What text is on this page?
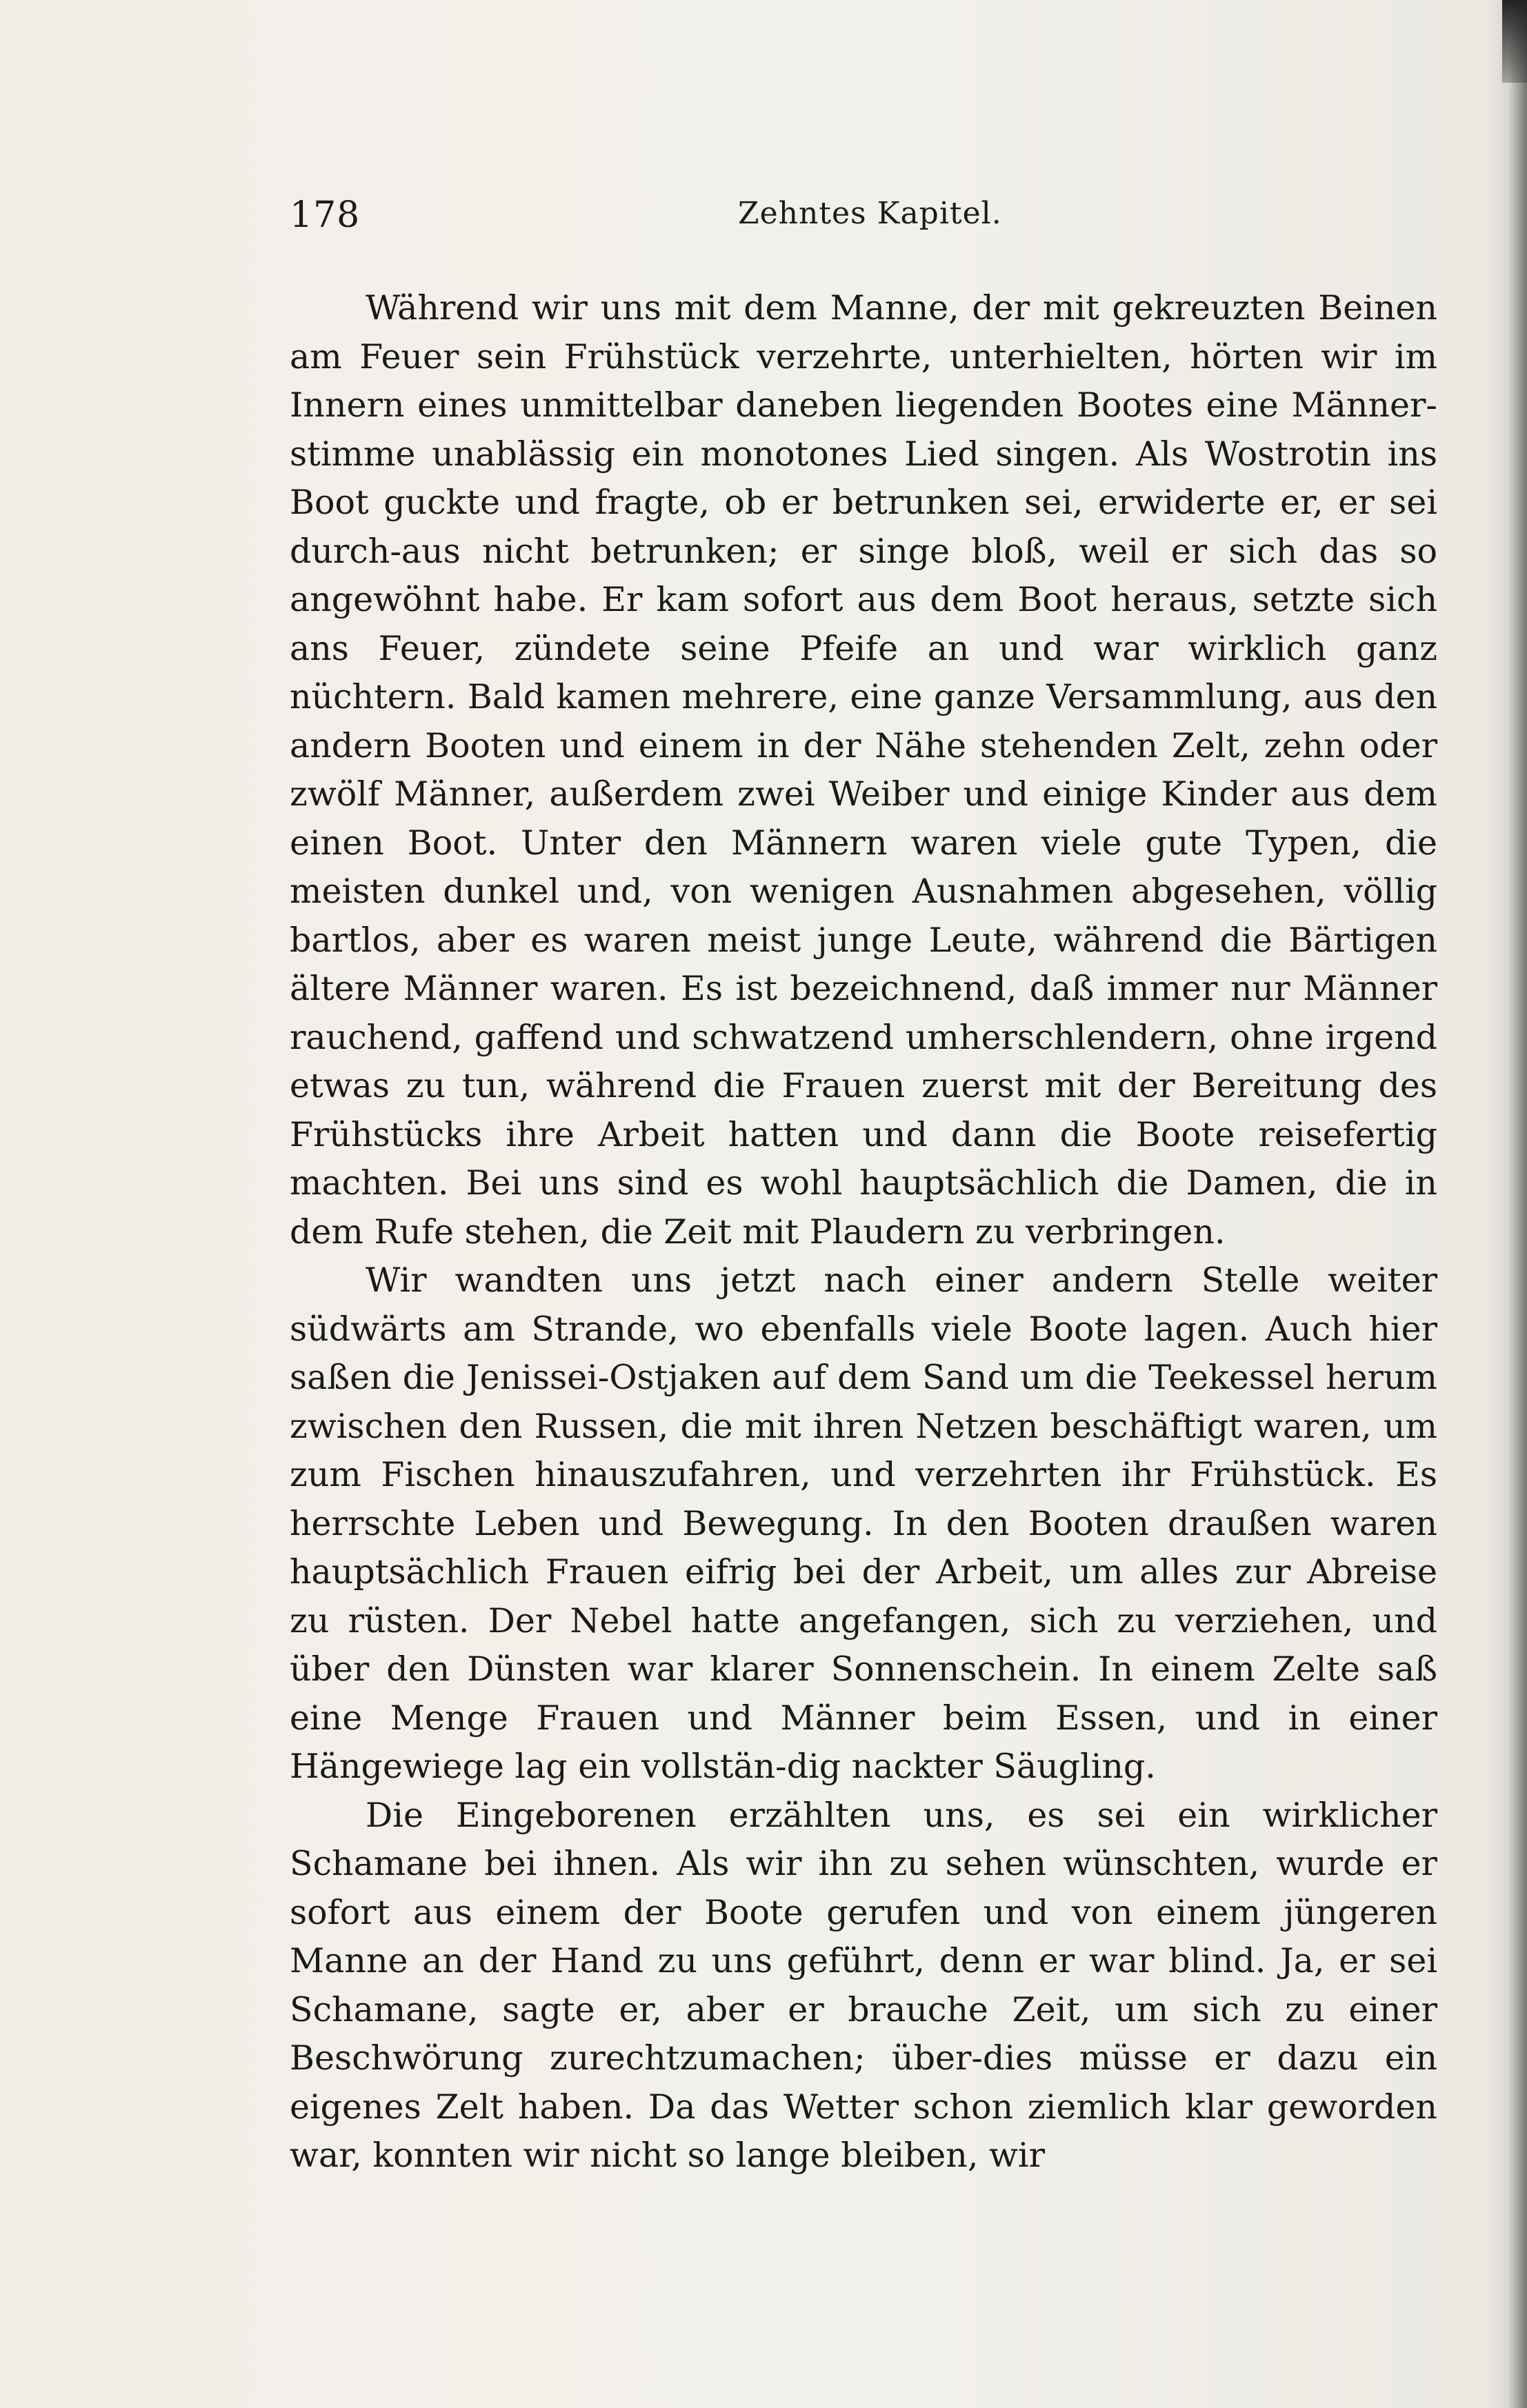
178	Zehntes Kapitel.

Während wir uns mit dem Manne, der mit gekreuzten Beinen am Feuer sein Frühstück verzehrte, unterhielten, hörten wir im Innern eines unmittelbar daneben liegenden Bootes eine Männer-stimme unablässig ein monotones Lied singen. Als Wostrotin ins Boot guckte und fragte, ob er betrunken sei, erwiderte er, er sei durch-aus nicht betrunken; er singe bloß, weil er sich das so angewöhnt habe. Er kam sofort aus dem Boot heraus, setzte sich ans Feuer, zündete seine Pfeife an und war wirklich ganz nüchtern. Bald kamen mehrere, eine ganze Versammlung, aus den andern Booten und einem in der Nähe stehenden Zelt, zehn oder zwölf Männer, außerdem zwei Weiber und einige Kinder aus dem einen Boot. Unter den Männern waren viele gute Typen, die meisten dunkel und, von wenigen Ausnahmen abgesehen, völlig bartlos, aber es waren meist junge Leute, während die Bärtigen ältere Männer waren. Es ist bezeichnend, daß immer nur Männer rauchend, gaffend und schwatzend umherschlendern, ohne irgend etwas zu tun, während die Frauen zuerst mit der Bereitung des Frühstücks ihre Arbeit hatten und dann die Boote reisefertig machten. Bei uns sind es wohl hauptsächlich die Damen, die in dem Rufe stehen, die Zeit mit Plaudern zu verbringen.

Wir wandten uns jetzt nach einer andern Stelle weiter südwärts am Strande, wo ebenfalls viele Boote lagen. Auch hier saßen die Jenissei-Ostjaken auf dem Sand um die Teekessel herum zwischen den Russen, die mit ihren Netzen beschäftigt waren, um zum Fischen hinauszufahren, und verzehrten ihr Frühstück. Es herrschte Leben und Bewegung. In den Booten draußen waren hauptsächlich Frauen eifrig bei der Arbeit, um alles zur Abreise zu rüsten. Der Nebel hatte angefangen, sich zu verziehen, und über den Dünsten war klarer Sonnenschein. In einem Zelte saß eine Menge Frauen und Männer beim Essen, und in einer Hängewiege lag ein vollstän-dig nackter Säugling.

Die Eingeborenen erzählten uns, es sei ein wirklicher Schamane bei ihnen. Als wir ihn zu sehen wünschten, wurde er sofort aus einem der Boote gerufen und von einem jüngeren Manne an der Hand zu uns geführt, denn er war blind. Ja, er sei Schamane, sagte er, aber er brauche Zeit, um sich zu einer Beschwörung zurechtzumachen; über-dies müsse er dazu ein eigenes Zelt haben. Da das Wetter schon ziemlich klar geworden war, konnten wir nicht so lange bleiben, wir
